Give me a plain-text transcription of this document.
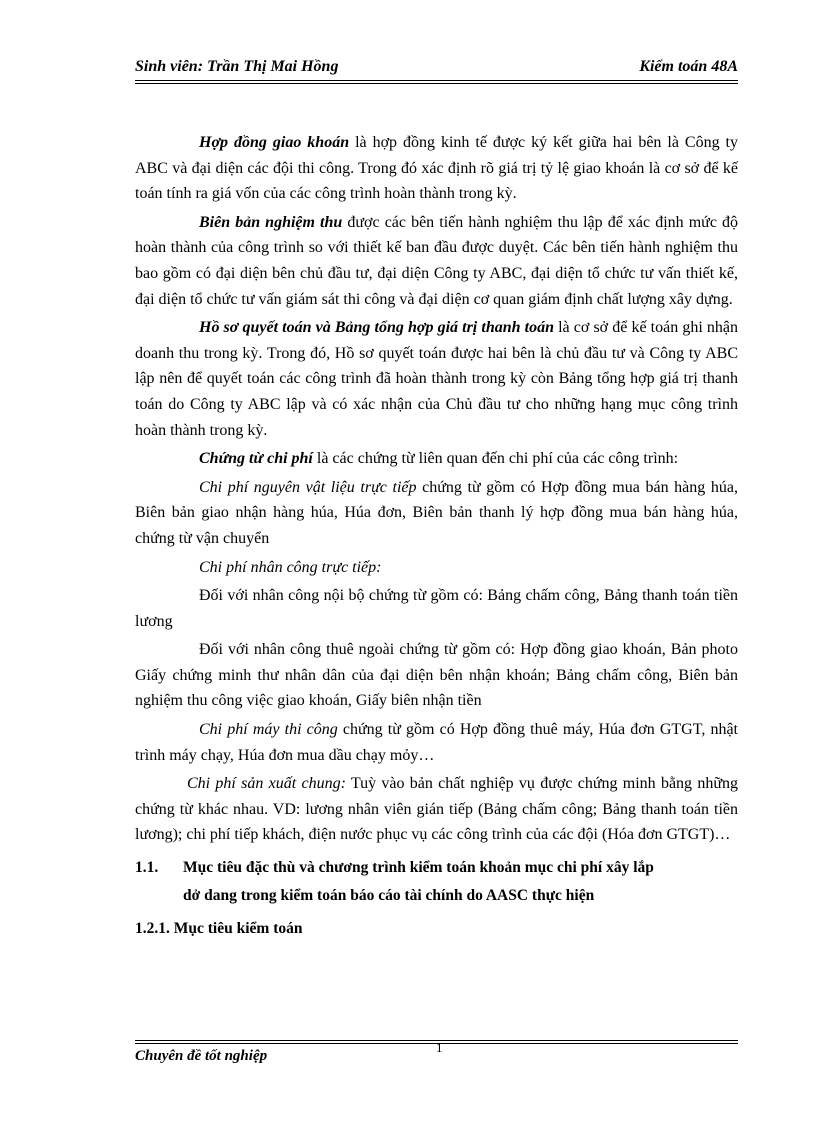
Sinh viên: Trần Thị Mai Hồng	Kiểm toán 48A

Hợp đồng giao khoán là hợp đồng kinh tế được ký kết giữa hai bên là Công ty ABC và đại diện các đội thi công. Trong đó xác định rõ giá trị tỷ lệ giao khoán là cơ sở để kế toán tính ra giá vốn của các công trình hoàn thành trong kỳ.

Biên bản nghiệm thu được các bên tiến hành nghiệm thu lập để xác định mức độ hoàn thành của công trình so với thiết kế ban đầu được duyệt. Các bên tiến hành nghiệm thu bao gồm có đại diện bên chủ đầu tư, đại diện Công ty ABC, đại diện tổ chức tư vấn thiết kế, đại diện tổ chức tư vấn giám sát thi công và đại diện cơ quan giám định chất lượng xây dựng.

Hồ sơ quyết toán và Bảng tổng hợp giá trị thanh toán là cơ sở để kế toán ghi nhận doanh thu trong kỳ. Trong đó, Hồ sơ quyết toán được hai bên là chủ đầu tư và Công ty ABC lập nên để quyết toán các công trình đã hoàn thành trong kỳ còn Bảng tổng hợp giá trị thanh toán do Công ty ABC lập và có xác nhận của Chủ đầu tư cho những hạng mục công trình hoàn thành trong kỳ.

Chứng từ chi phí là các chứng từ liên quan đến chi phí của các công trình:

Chi phí nguyên vật liệu trực tiếp chứng từ gồm có Hợp đồng mua bán hàng húa, Biên bản giao nhận hàng húa, Húa đơn, Biên bản thanh lý hợp đồng mua bán hàng húa, chứng từ vận chuyển

Chi phí nhân công trực tiếp:

Đối với nhân công nội bộ chứng từ gồm có: Bảng chấm công, Bảng thanh toán tiền lương

Đối với nhân công thuê ngoài chứng từ gồm có: Hợp đồng giao khoán, Bản photo Giấy chứng minh thư nhân dân của đại diện bên nhận khoán; Bảng chấm công, Biên bản nghiệm thu công việc giao khoán, Giấy biên nhận tiền

Chi phí máy thi công chứng từ gồm có Hợp đồng thuê máy, Húa đơn GTGT, nhật trình máy chạy, Húa đơn mua dầu chạy mỏy…

Chi phí sản xuất chung: Tuỳ vào bản chất nghiệp vụ được chứng minh bằng những chứng từ khác nhau. VD: lương nhân viên gián tiếp (Bảng chấm công; Bảng thanh toán tiền lương); chi phí tiếp khách, điện nước phục vụ các công trình của các đội (Hóa đơn GTGT)…

1.1. Mục tiêu đặc thù và chương trình kiểm toán khoản mục chi phí xây lắp
dở dang trong kiểm toán báo cáo tài chính do AASC thực hiện
1.2.1. Mục tiêu kiểm toán
1
Chuyên đề tốt nghiệp
